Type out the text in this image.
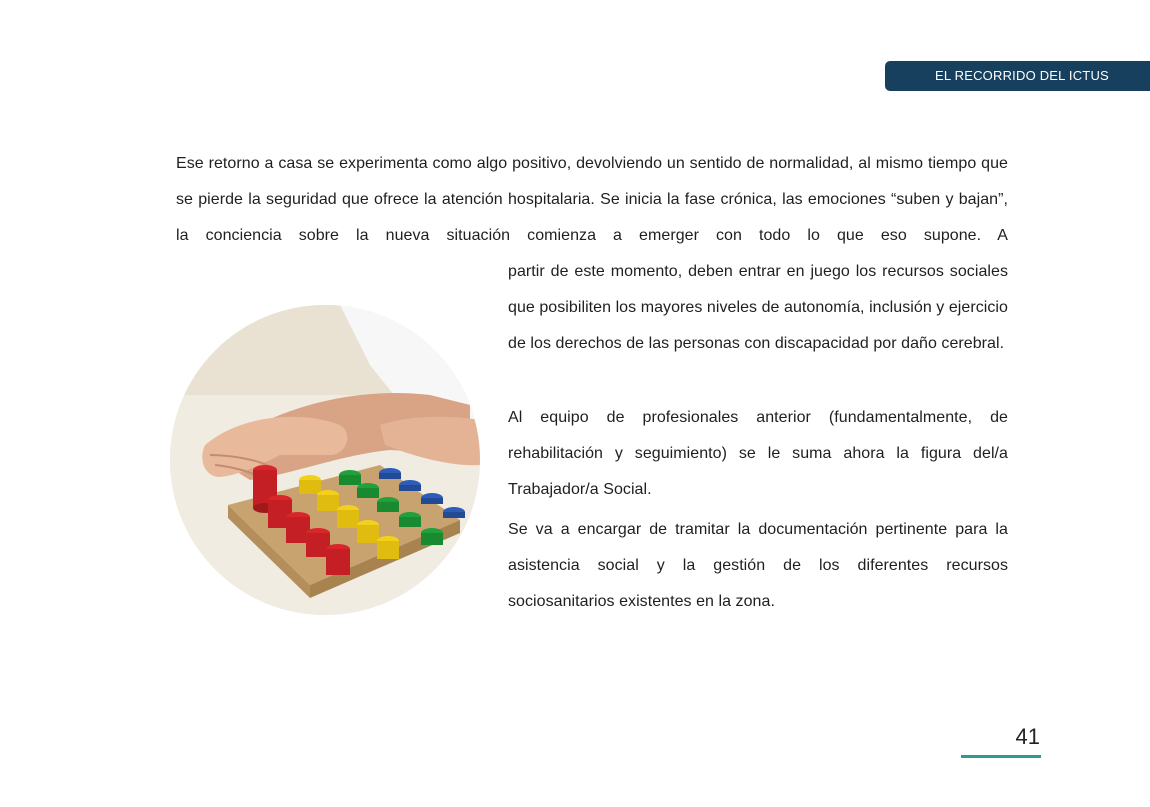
EL RECORRIDO DEL ICTUS

Ese retorno a casa se experimenta como algo positivo, devolviendo un sentido de normalidad, al mismo tiempo que se pierde la seguridad que ofrece la atención hospitalaria. Se inicia la fase crónica, las emociones “suben y bajan”, la conciencia sobre la nueva situación comienza a emerger con todo lo que eso supone. A

partir de este momento, deben entrar en juego los recursos sociales que posibiliten los mayores niveles de autonomía, inclusión y ejercicio de los derechos de las personas con discapacidad por daño cerebral.

Al equipo de profesionales anterior (fundamentalmente, de rehabilitación y seguimiento) se le suma ahora la figura del/a Trabajador/a Social.

Se va a encargar de tramitar la documentación pertinente para la asistencia social y la gestión de los diferentes recursos sociosanitarios existentes en la zona.

41
